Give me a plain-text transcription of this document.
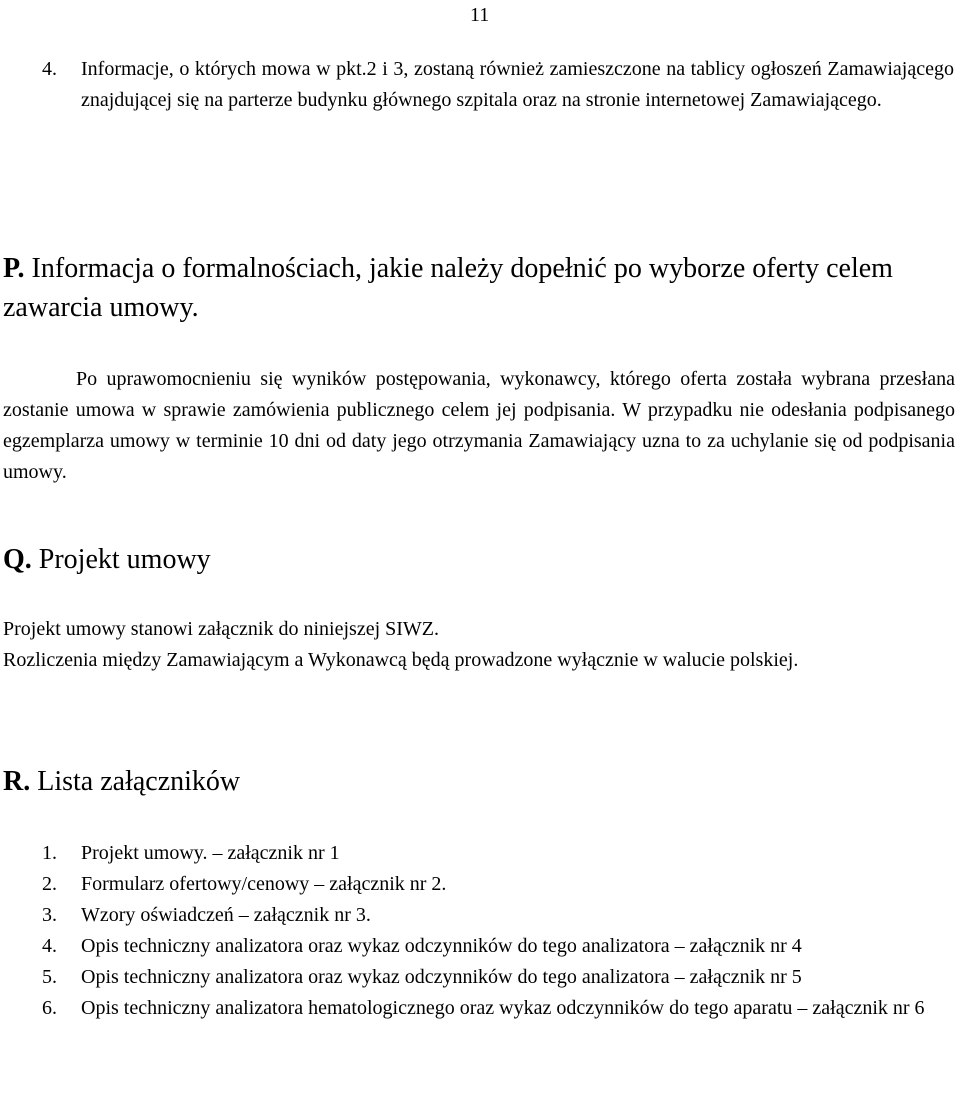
11
4.	Informacje, o których mowa w pkt.2 i 3, zostaną również zamieszczone na tablicy ogłoszeń Zamawiającego znajdującej się na parterze budynku głównego szpitala oraz na stronie internetowej Zamawiającego.
P. Informacja o formalnościach, jakie należy dopełnić po wyborze oferty celem zawarcia umowy.
Po uprawomocnieniu się wyników postępowania, wykonawcy, którego oferta została wybrana przesłana zostanie umowa w sprawie zamówienia publicznego celem jej podpisania. W przypadku nie odesłania podpisanego egzemplarza umowy w terminie 10 dni od daty jego otrzymania Zamawiający uzna to za uchylanie się od podpisania umowy.
Q. Projekt umowy
Projekt umowy stanowi załącznik do niniejszej SIWZ.
Rozliczenia między Zamawiającym a Wykonawcą będą prowadzone wyłącznie w walucie polskiej.
R. Lista załączników
1.	Projekt umowy. – załącznik nr 1
2.	Formularz ofertowy/cenowy – załącznik nr 2.
3.	Wzory oświadczeń – załącznik nr 3.
4.	Opis techniczny analizatora oraz wykaz odczynników do tego analizatora – załącznik nr 4
5.	Opis techniczny analizatora oraz wykaz odczynników do tego analizatora – załącznik nr 5
6.	Opis techniczny analizatora hematologicznego oraz wykaz odczynników do tego aparatu – załącznik nr 6
